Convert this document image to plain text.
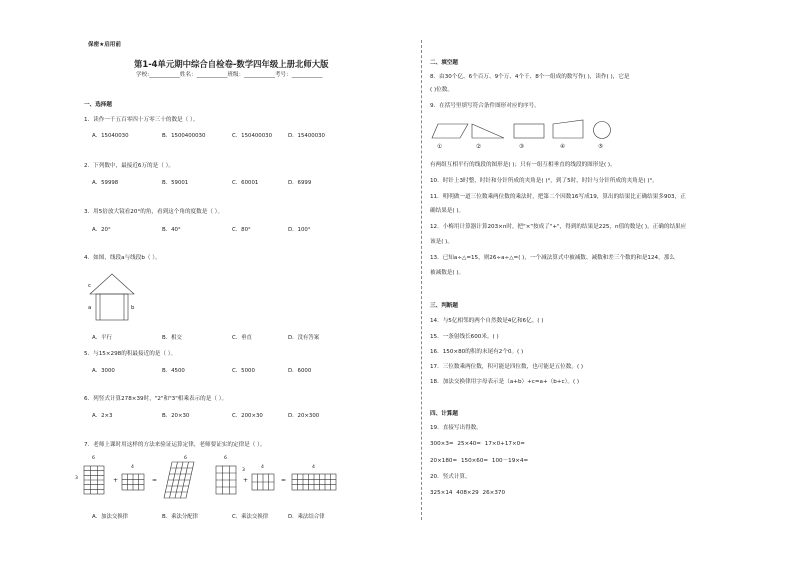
保密★启用前
第1-4单元期中综合自检卷-数学四年级上册北师大版
学校:___________姓名：___________班级：___________考号：___________
一、选择题
1．读作一千五百零四十万零三十的数是（ ）。
A．15040030	B．1500400030	C．150400030	D．15400030
2．下列数中，最接近6万的是（ ）。
A．59998	B．59001	C．60001	D．6999
3．用5倍放大镜看20°的角，看到这个角的度数是（ ）。
A．20°	B．40°	C．80°	D．100°
4．如图，线段a与线段b（ ）。
c
a	b
A．平行	B．相交	C．垂直	D．没有答案
5．与15×298的积最接近的是（ ）。
A．3000	B．4500	C．5000	D．6000
6．列竖式计算278×39时，"2"和"3"相乘表示的是（ ）。
A．2×3	B．20×30	C．200×30	D．20×300
7．老师上课时用这样的方法来验证运算定律，老师要证实的定律是（ ）。
+	=	+	=
6
3
4
6
4	4
6
3
A．加法交换律	B．乘法分配律	C．乘法交换律	D．乘法结合律
二、填空题
8．由30个亿、6个百万、9个万、4个千、8个一组成的数写作( )，读作( )，它是
( )位数。
9．在括号里填写符合条件图形对应的序号。
①	②	③	④	⑤
有两组互相平行的线段的图形是( )；只有一组互相垂直的线段的图形是( )。
10．时针上3时整，时针和分针所成的夹角是( )°，到了5时，时针与分针所成的夹角是( )°。
11．明明做一道三位数乘两位数的乘法时，把第二个因数16写成19，算出的结果比正确结果多903，正
确结果是( )。
12．小梅用计算器计算203×n时，把"×"按成了"+"，得到的结果是225，n值的数是( )，正确的结果应
该是( )。
13．已知a÷△=15，则26÷a÷△=( )，一个减法算式中被减数、减数和差三个数的和是124，那么
被减数是( )。
三、判断题
14．与5亿相邻的两个自然数是4亿和6亿。( )
15．一条射线长600米。( )
16．150×80的积的末尾有2个0。( )
17．三位数乘两位数，积可能是四位数，也可能是五位数。( )
18．加法交换律用字母表示是（a+b）+c=a+（b+c）。( )
四、计算题
19．直接写出得数。
300×3= 25×40= 17×0+17×0=
20×180= 150×60= 100－19×4=
20．竖式计算。
325×14 408×29 26×370
